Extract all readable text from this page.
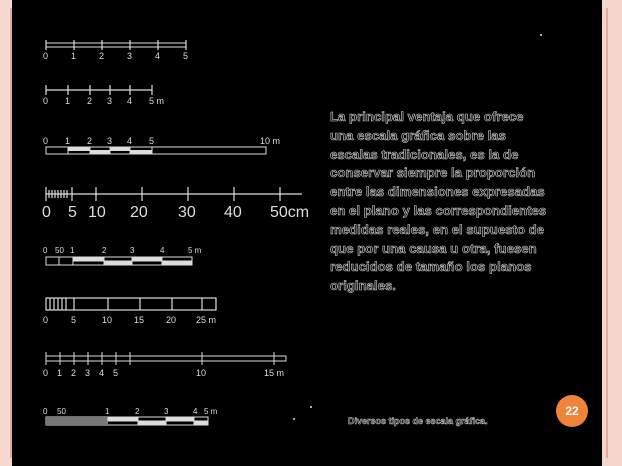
0	1	2	3	4	5
0 1 2 3 4 5 m
0 1 2 3 4 5	10 m
0 5 10 20 30 40 50cm
0 50 1	2	3	4	5 m
0	5	10 15 20 25 m
0 1 2 3 4 5	10	15 m
0 50	1	2	3	4 5 m
La principal ventaja que ofrece
una escala gráfica sobre las
escalas tradicionales, es la de
conservar siempre la proporción
entre las dimensiones expresadas
en el plano y las correspondientes
medidas reales, en el supuesto de
que por una causa u otra, fuesen
reducidos de tamaño los planos
originales.
Diversos tipos de escala gráfica.
22
